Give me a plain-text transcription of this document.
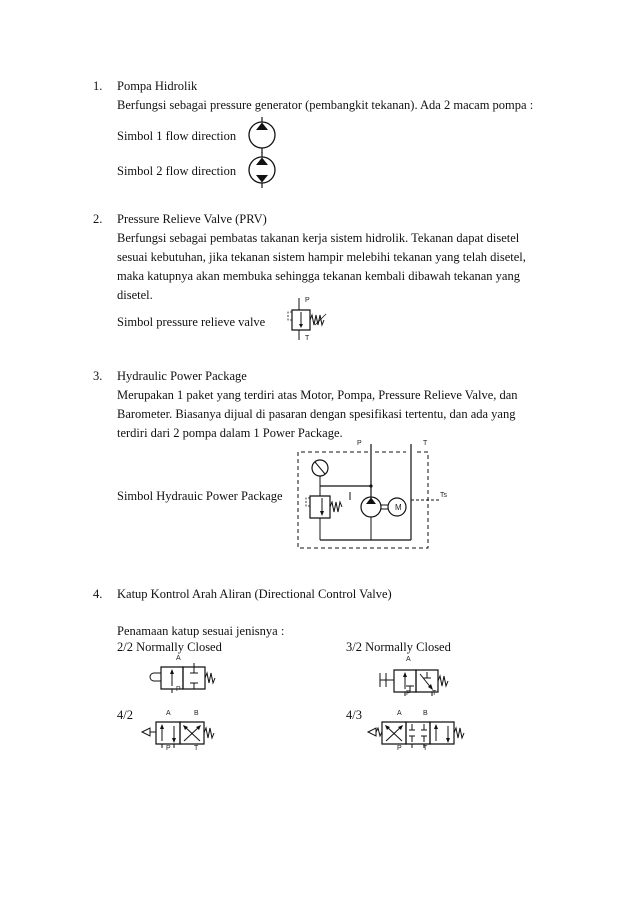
1. Pompa Hidrolik
Berfungsi sebagai pressure generator (pembangkit tekanan). Ada 2 macam pompa :
Simbol 1 flow direction
Simbol 2 flow direction
2. Pressure Relieve Valve (PRV)
Berfungsi sebagai pembatas takanan kerja sistem hidrolik. Tekanan dapat disetel sesuai kebutuhan, jika tekanan sistem hampir melebihi tekanan yang telah disetel, maka katupnya akan membuka sehingga tekanan kembali dibawah tekanan yang disetel.
Simbol pressure relieve valve
P
T
3. Hydraulic Power Package
Merupakan 1 paket yang terdiri atas Motor, Pompa, Pressure Relieve Valve, dan Barometer. Biasanya dijual di pasaran dengan spesifikasi tertentu, dan ada yang terdiri dari 2 pompa dalam 1 Power Package.
Simbol Hydrauic Power Package
P	T
Ts
M
4. Katup Kontrol Arah Aliran (Directional Control Valve)
Penamaan katup sesuai jenisnya :
2/2 Normally Closed	3/2 Normally Closed
4/2	4/3
A
P
A
P	T
A	B
P	T
A	B
P	T
